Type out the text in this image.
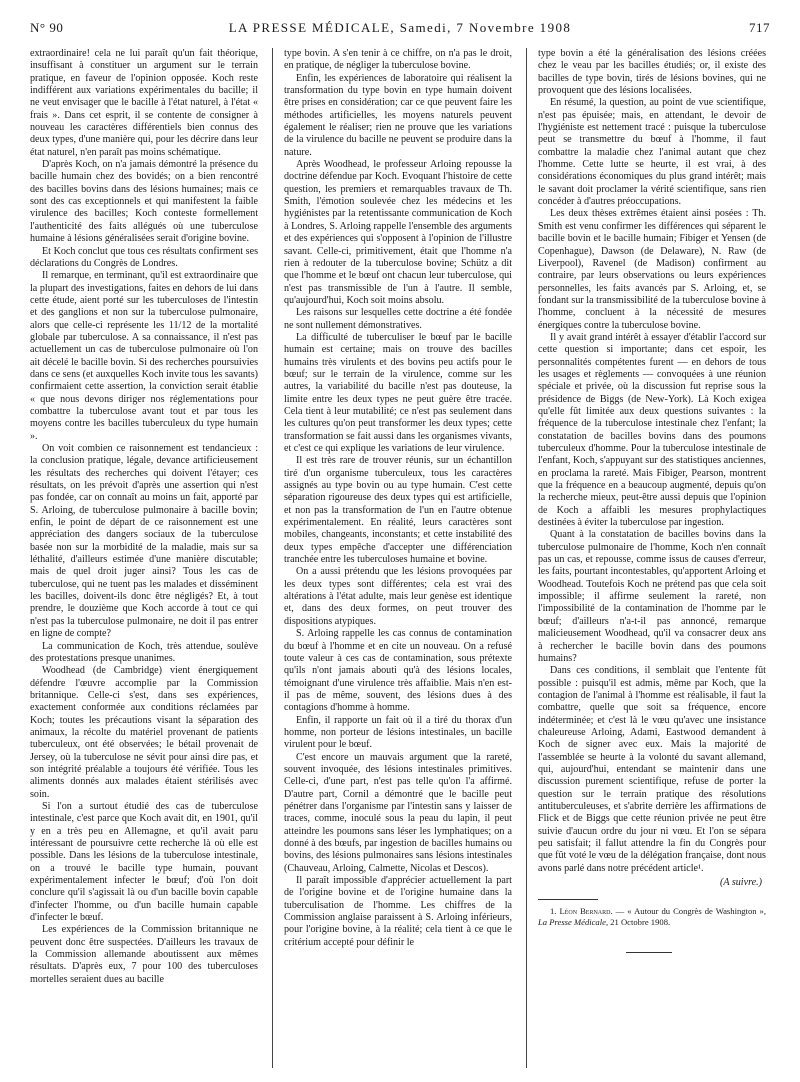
N° 90	LA PRESSE MÉDICALE, Samedi, 7 Novembre 1908	717

extraordinaire! cela ne lui paraît qu'un fait théorique, insuffisant à constituer un argument sur le terrain pratique, en faveur de l'opinion opposée. Koch reste indifférent aux variations expérimentales du bacille; il ne veut envisager que le bacille à l'état naturel, à l'état « frais ». Dans cet esprit, il se contente de consigner à nouveau les caractères différentiels bien connus des deux types, d'une manière qui, pour les décrire dans leur état naturel, n'en paraît pas moins schématique.

D'après Koch, on n'a jamais démontré la présence du bacille humain chez des bovidés; on a bien rencontré des bacilles bovins dans des lésions humaines; mais ce sont des cas exceptionnels et qui manifestent la faible virulence des bacilles; Koch conteste formellement l'authenticité des faits allégués où une tuberculose humaine à lésions généralisées serait d'origine bovine.

Et Koch conclut que tous ces résultats confirment ses déclarations du Congrès de Londres.

Il remarque, en terminant, qu'il est extraordinaire que la plupart des investigations, faites en dehors de lui dans cette étude, aient porté sur les tuberculoses de l'intestin et des ganglions et non sur la tuberculose pulmonaire, alors que celle-ci représente les 11/12 de la mortalité globale par tuberculose. A sa connaissance, il n'est pas actuellement un cas de tuberculose pulmonaire où l'on ait décelé le bacille bovin. Si des recherches poursuivies dans ce sens (et auxquelles Koch invite tous les savants) confirmaient cette assertion, la conviction serait établie « que nous devons diriger nos réglementations pour combattre la tuberculose avant tout et par tous les moyens contre les bacilles tuberculeux du type humain ».

On voit combien ce raisonnement est tendancieux : la conclusion pratique, légale, devance artificieusement les résultats des recherches qui doivent l'étayer; ces résultats, on les prévoit d'après une assertion qui n'est pas fondée, car on connaît au moins un fait, apporté par S. Arloing, de tuberculose pulmonaire à bacille bovin; enfin, le point de départ de ce raisonnement est une appréciation des dangers sociaux de la tuberculose basée non sur la morbidité de la maladie, mais sur sa léthalité, d'ailleurs estimée d'une manière discutable; mais de quel droit juger ainsi? Tous les cas de tuberculose, qui ne tuent pas les malades et disséminent les bacilles, doivent-ils donc être négligés? Et, à tout prendre, le douzième que Koch accorde à tout ce qui n'est pas la tuberculose pulmonaire, ne doit il pas entrer en ligne de compte?

La communication de Koch, très attendue, soulève des protestations presque unanimes.

Woodhead (de Cambridge) vient énergiquement défendre l'œuvre accomplie par la Commission britannique. Celle-ci s'est, dans ses expériences, exactement conformée aux conditions réclamées par Koch; toutes les précautions visant la séparation des animaux, la récolte du matériel provenant de patients tuberculeux, ont été observées; le bétail provenait de Jersey, où la tuberculose ne sévit pour ainsi dire pas, et son intégrité préalable a toujours été vérifiée. Tous les aliments donnés aux malades étaient stérilisés avec soin.

Si l'on a surtout étudié des cas de tuberculose intestinale, c'est parce que Koch avait dit, en 1901, qu'il y en a très peu en Allemagne, et qu'il avait paru intéressant de poursuivre cette recherche là où elle est possible. Dans les lésions de la tuberculose intestinale, on a trouvé le bacille type humain, pouvant expérimentalement infecter le bœuf; d'où l'on doit conclure qu'il s'agissait là ou d'un bacille bovin capable d'infecter l'homme, ou d'un bacille humain capable d'infecter le bœuf.

Les expériences de la Commission britannique ne peuvent donc être suspectées. D'ailleurs les travaux de la Commission allemande aboutissent aux mêmes résultats. D'après eux, 7 pour 100 des tuberculoses mortelles seraient dues au bacille

type bovin. A s'en tenir à ce chiffre, on n'a pas le droit, en pratique, de négliger la tuberculose bovine.

Enfin, les expériences de laboratoire qui réalisent la transformation du type bovin en type humain doivent être prises en considération; car ce que peuvent faire les méthodes artificielles, les moyens naturels peuvent également le réaliser; rien ne prouve que les variations de la virulence du bacille ne peuvent se produire dans la nature.

Après Woodhead, le professeur Arloing repousse la doctrine défendue par Koch. Evoquant l'histoire de cette question, les premiers et remarquables travaux de Th. Smith, l'émotion soulevée chez les médecins et les hygiénistes par la retentissante communication de Koch à Londres, S. Arloing rappelle l'ensemble des arguments et des expériences qui s'opposent à l'opinion de l'illustre savant. Celle-ci, primitivement, était que l'homme n'a rien à redouter de la tuberculose bovine; Schütz a dit que l'homme et le bœuf ont chacun leur tuberculose, qui n'est pas transmissible de l'un à l'autre. Il semble, qu'aujourd'hui, Koch soit moins absolu.

Les raisons sur lesquelles cette doctrine a été fondée ne sont nullement démonstratives.

La difficulté de tuberculiser le bœuf par le bacille humain est certaine; mais on trouve des bacilles humains très virulents et des bovins peu actifs pour le bœuf; sur le terrain de la virulence, comme sur les autres, la variabilité du bacille n'est pas douteuse, la limite entre les deux types ne peut guère être tracée. Cela tient à leur mutabilité; ce n'est pas seulement dans les cultures qu'on peut transformer les deux types; cette transformation se fait aussi dans les organismes vivants, et c'est ce qui explique les variations de leur virulence.

Il est très rare de trouver réunis, sur un échantillon tiré d'un organisme tuberculeux, tous les caractères assignés au type bovin ou au type humain. C'est cette séparation rigoureuse des deux types qui est artificielle, et non pas la transformation de l'un en l'autre obtenue expérimentalement. En réalité, leurs caractères sont mobiles, changeants, inconstants; et cette instabilité des deux types empêche d'accepter une différenciation tranchée entre les tuberculoses humaine et bovine.

On a aussi prétendu que les lésions provoquées par les deux types sont différentes; cela est vrai des altérations à l'état adulte, mais leur genèse est identique et, dans des deux formes, on peut trouver des dispositions atypiques.

S. Arloing rappelle les cas connus de contamination du bœuf à l'homme et en cite un nouveau. On a refusé toute valeur à ces cas de contamination, sous prétexte qu'ils n'ont jamais abouti qu'à des lésions locales, témoignant d'une virulence très affaiblie. Mais n'en est-il pas de même, souvent, des lésions dues à des contagions d'homme à homme.

Enfin, il rapporte un fait où il a tiré du thorax d'un homme, non porteur de lésions intestinales, un bacille virulent pour le bœuf.

C'est encore un mauvais argument que la rareté, souvent invoquée, des lésions intestinales primitives. Celle-ci, d'une part, n'est pas telle qu'on l'a affirmé. D'autre part, Cornil a démontré que le bacille peut pénétrer dans l'organisme par l'intestin sans y laisser de traces, comme, inoculé sous la peau du lapin, il peut atteindre les poumons sans léser les lymphatiques; on a donné à des bœufs, par ingestion de bacilles humains ou bovins, des lésions pulmonaires sans lésions intestinales (Chauveau, Arloing, Calmette, Nicolas et Descos).

Il paraît impossible d'apprécier actuellement la part de l'origine bovine et de l'origine humaine dans la tuberculisation de l'homme. Les chiffres de la Commission anglaise paraissent à S. Arloing inférieurs, pour l'origine bovine, à la réalité; cela tient à ce que le critérium accepté pour définir le

type bovin a été la généralisation des lésions créées chez le veau par les bacilles étudiés; or, il existe des bacilles de type bovin, tirés de lésions bovines, qui ne provoquent que des lésions localisées.

En résumé, la question, au point de vue scientifique, n'est pas épuisée; mais, en attendant, le devoir de l'hygiéniste est nettement tracé : puisque la tuberculose peut se transmettre du bœuf à l'homme, il faut combattre la maladie chez l'animal autant que chez l'homme. Cette lutte se heurte, il est vrai, à des considérations économiques du plus grand intérêt; mais le savant doit proclamer la vérité scientifique, sans rien concéder à d'autres préoccupations.

Les deux thèses extrêmes étaient ainsi posées : Th. Smith est venu confirmer les différences qui séparent le bacille bovin et le bacille humain; Fibiger et Yensen (de Copenhague), Dawson (de Delaware), N. Raw (de Liverpool), Ravenel (de Madison) confirment au contraire, par leurs observations ou leurs expériences personnelles, les faits avancés par S. Arloing, et, se fondant sur la transmissibilité de la tuberculose bovine à l'homme, concluent à la nécessité de mesures énergiques contre la tuberculose bovine.

Il y avait grand intérêt à essayer d'établir l'accord sur cette question si importante; dans cet espoir, les personnalités compétentes furent — en dehors de tous les usages et règlements — convoquées à une réunion spéciale et privée, où la discussion fut reprise sous la présidence de Biggs (de New-York). Là Koch exigea qu'elle fût limitée aux deux questions suivantes : la fréquence de la tuberculose intestinale chez l'enfant; la constatation de bacilles bovins dans des poumons tuberculeux d'homme. Pour la tuberculose intestinale de l'enfant, Koch, s'appuyant sur des statistiques anciennes, en proclama la rareté. Mais Fibiger, Pearson, montrent que la fréquence en a beaucoup augmenté, depuis qu'on la recherche mieux, peut-être aussi depuis que l'opinion de Koch a affaibli les mesures prophylactiques destinées à éviter la tuberculose par ingestion.

Quant à la constatation de bacilles bovins dans la tuberculose pulmonaire de l'homme, Koch n'en connaît pas un cas, et repousse, comme issus de causes d'erreur, les faits, pourtant incontestables, qu'apportent Arloing et Woodhead. Toutefois Koch ne prétend pas que cela soit impossible; il affirme seulement la rareté, non l'impossibilité de la contamination de l'homme par le bœuf; d'ailleurs n'a-t-il pas annoncé, remarque malicieusement Woodhead, qu'il va consacrer deux ans à rechercher le bacille bovin dans des poumons humains?

Dans ces conditions, il semblait que l'entente fût possible : puisqu'il est admis, même par Koch, que la contagion de l'animal à l'homme est réalisable, il faut la combattre, quelle que soit sa fréquence, encore indéterminée; et c'est là le vœu qu'avec une insistance chaleureuse Arloing, Adami, Eastwood demandent à Koch de signer avec eux. Mais la majorité de l'assemblée se heurte à la volonté du savant allemand, qui, aujourd'hui, entendant se maintenir dans une discussion purement scientifique, refuse de porter la question sur le terrain pratique des résolutions antituberculeuses, et s'abrite derrière les affirmations de Flick et de Biggs que cette réunion privée ne peut être suivie d'aucun ordre du jour ni vœu. Et l'on se sépara peu satisfait; il fallut attendre la fin du Congrès pour que fût voté le vœu de la délégation française, dont nous avons parlé dans notre précédent article¹.

(A suivre.)

1. Léon Bernard. — « Autour du Congrès de Washington », La Presse Médicale, 21 Octobre 1908.
